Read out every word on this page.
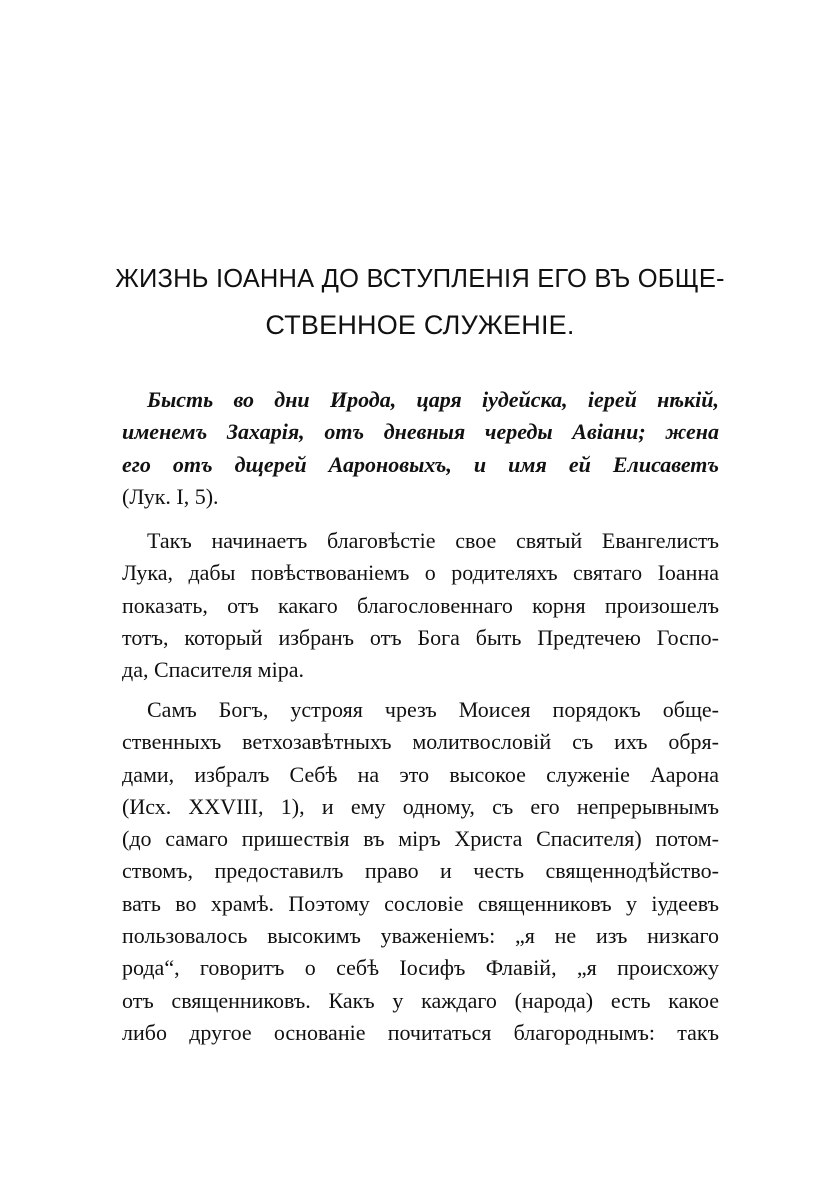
ЖИЗНЬ ІОАННА ДО ВСТУПЛЕНІЯ ЕГО ВЪ ОБЩЕ-
СТВЕННОЕ СЛУЖЕНІЕ.
Бысть во дни Ирода, царя іудейска, іерей нѣкій,
именемъ Захарія, отъ дневныя череды Авіани; жена
его отъ дщерей Аароновыхъ, и имя ей Елисаветъ
(Лук. I, 5).
Такъ начинаетъ благовѣстіе свое святый Евангелистъ
Лука, дабы повѣствованіемъ о родителяхъ святаго Іоанна
показать, отъ какаго благословеннаго корня произошелъ
тотъ, который избранъ отъ Бога быть Предтечею Госпо-
да, Спасителя міра.
Самъ Богъ, устрояя чрезъ Моисея порядокъ обще-
ственныхъ ветхозавѣтныхъ молитвословій съ ихъ обря-
дами, избралъ Себѣ на это высокое служеніе Аарона
(Исх. XXVIII, 1), и ему одному, съ его непрерывнымъ
(до самаго пришествія въ міръ Христа Спасителя) потом-
ствомъ, предоставилъ право и честь священнодѣйство-
вать во храмѣ. Поэтому сословіе священниковъ у іудеевъ
пользовалось высокимъ уваженіемъ: „я не изъ низкаго
рода“, говоритъ о себѣ Іосифъ Флавій, „я происхожу
отъ священниковъ. Какъ у каждаго (народа) есть какое
либо другое основаніе почитаться благороднымъ: такъ
